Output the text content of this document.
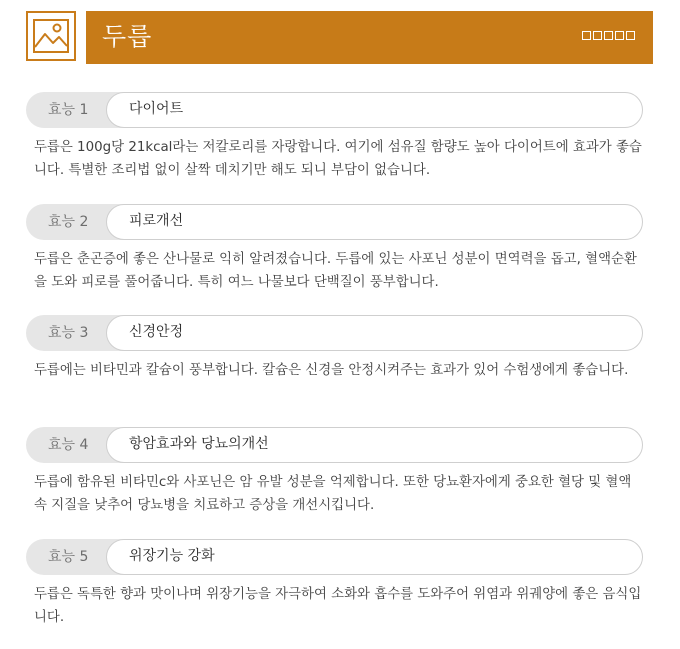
두릅
효능 1	다이어트
두릅은 100g당 21kcal라는 저칼로리를 자랑합니다. 여기에 섬유질 함량도 높아 다이어트에 효과가 좋습니다. 특별한 조리법 없이 살짝 데치기만 해도 되니 부담이 없습니다.
효능 2	피로개선
두릅은 춘곤증에 좋은 산나물로 익히 알려졌습니다. 두릅에 있는 사포닌 성분이 면역력을 돕고, 혈액순환을 도와 피로를 풀어줍니다. 특히 여느 나물보다 단백질이 풍부합니다.
효능 3	신경안정
두릅에는 비타민과 칼슘이 풍부합니다. 칼슘은 신경을 안정시켜주는 효과가 있어 수험생에게 좋습니다.
효능 4	항암효과와 당뇨의개선
두릅에 함유된 비타민c와 사포닌은 암 유발 성분을 억제합니다. 또한 당뇨환자에게 중요한 혈당 및 혈액속 지질을 낮추어 당뇨병을 치료하고 증상을 개선시킵니다.
효능 5	위장기능 강화
두릅은 독특한 향과 맛이나며 위장기능을 자극하여 소화와 흡수를 도와주어 위염과 위궤양에 좋은 음식입니다.
